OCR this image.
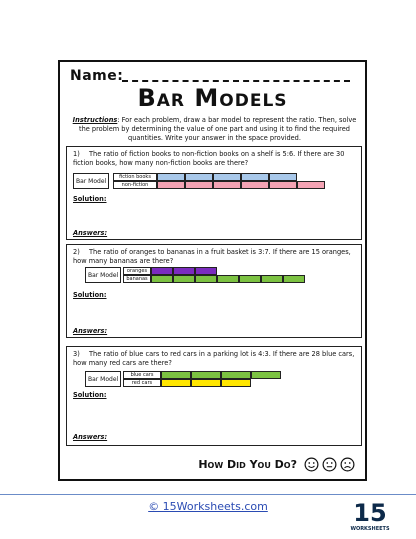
Name:
Bar Models
Instructions: For each problem, draw a bar model to represent the ratio. Then, solve the problem by determining the value of one part and using it to find the required quantities. Write your answer in the space provided.
1) The ratio of fiction books to non-fiction books on a shelf is 5:6. If there are 30 fiction books, how many non-fiction books are there?
Bar Model
fiction books
non-fiction
Solution:
Answers:
2) The ratio of oranges to bananas in a fruit basket is 3:7. If there are 15 oranges, how many bananas are there?
Bar Model
oranges
bananas
Solution:
Answers:
3) The ratio of blue cars to red cars in a parking lot is 4:3. If there are 28 blue cars, how many red cars are there?
Bar Model
blue cars
red cars
Solution:
Answers:
How Did You Do?
© 15Worksheets.com	15
WORKSHEETS
